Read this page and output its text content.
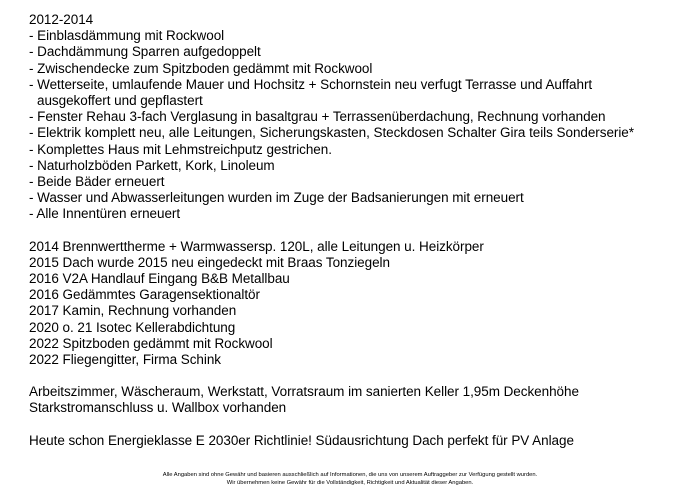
2012-2014
- Einblasdämmung mit Rockwool
- Dachdämmung Sparren aufgedoppelt
- Zwischendecke zum Spitzboden gedämmt mit Rockwool
- Wetterseite, umlaufende Mauer und Hochsitz + Schornstein neu verfugt Terrasse und Auffahrt
ausgekoffert und gepflastert
- Fenster Rehau 3-fach Verglasung in basaltgrau + Terrassenüberdachung, Rechnung vorhanden
- Elektrik komplett neu, alle Leitungen, Sicherungskasten, Steckdosen Schalter Gira teils Sonderserie*
- Komplettes Haus mit Lehmstreichputz gestrichen.
- Naturholzböden Parkett, Kork, Linoleum
- Beide Bäder erneuert
- Wasser und Abwasserleitungen wurden im Zuge der Badsanierungen mit erneuert
- Alle Innentüren erneuert
2014 Brennwerttherme + Warmwassersp. 120L, alle Leitungen u. Heizkörper
2015 Dach wurde 2015 neu eingedeckt mit Braas Tonziegeln
2016 V2A Handlauf Eingang B&B Metallbau
2016 Gedämmtes Garagensektionaltör
2017 Kamin, Rechnung vorhanden
2020 o. 21 Isotec Kellerabdichtung
2022 Spitzboden gedämmt mit Rockwool
2022 Fliegengitter, Firma Schink
Arbeitszimmer, Wäscheraum, Werkstatt, Vorratsraum im sanierten Keller 1,95m Deckenhöhe
Starkstromanschluss u. Wallbox vorhanden
Heute schon Energieklasse E 2030er Richtlinie! Südausrichtung Dach perfekt für PV Anlage
Alle Angaben sind ohne Gewähr und basieren ausschließlich auf Informationen, die uns von unserem Auftraggeber zur Verfügung gestellt wurden.
Wir übernehmen keine Gewähr für die Vollständigkeit, Richtigkeit und Aktualität dieser Angaben.
